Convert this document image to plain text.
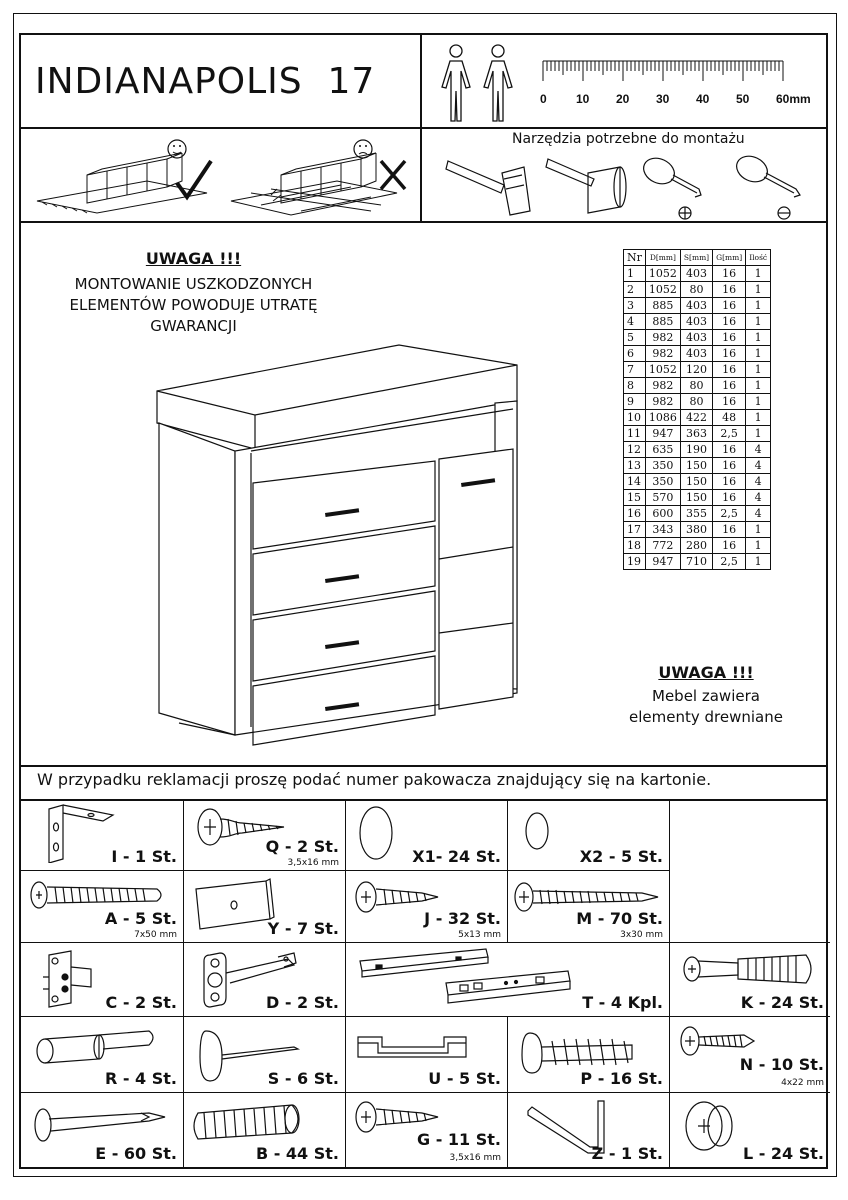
INDIANAPOLIS  17	0 10 20 30 40 50 60mm
Narzędzia potrzebne do montażu
UWAGA !!!
MONTOWANIE USZKODZONYCH
ELEMENTÓW POWODUJE UTRATĘ
GWARANCJI
Nr	D[mm]	S[mm]	G[mm]	Ilość
1	1052	403	16	1
2	1052	80	16	1
3	885	403	16	1
4	885	403	16	1
5	982	403	16	1
6	982	403	16	1
7	1052	120	16	1
8	982	80	16	1
9	982	80	16	1
10	1086	422	48	1
11	947	363	2,5	1
12	635	190	16	4
13	350	150	16	4
14	350	150	16	4
15	570	150	16	4
16	600	355	2,5	4
17	343	380	16	1
18	772	280	16	1
19	947	710	2,5	1
UWAGA !!!
Mebel zawiera
elementy drewniane
W przypadku reklamacji proszę podać numer pakowacza znajdujący się na kartonie.
I - 1 St.
Q - 2 St.
3,5x16 mm	X1- 24 St.	X2 - 5 St.
A - 5 St.
7x50 mm	Y - 7 St.
J - 32 St.
5x13 mm
M - 70 St.
3x30 mm
C - 2 St.	D - 2 St.	T - 4 Kpl.	K - 24 St.
R - 4 St.	S - 6 St.	U - 5 St.	P - 16 St.
N - 10 St.
4x22 mm
E - 60 St.	B - 44 St.
G - 11 St.
3,5x16 mm	Z - 1 St.	L - 24 St.
